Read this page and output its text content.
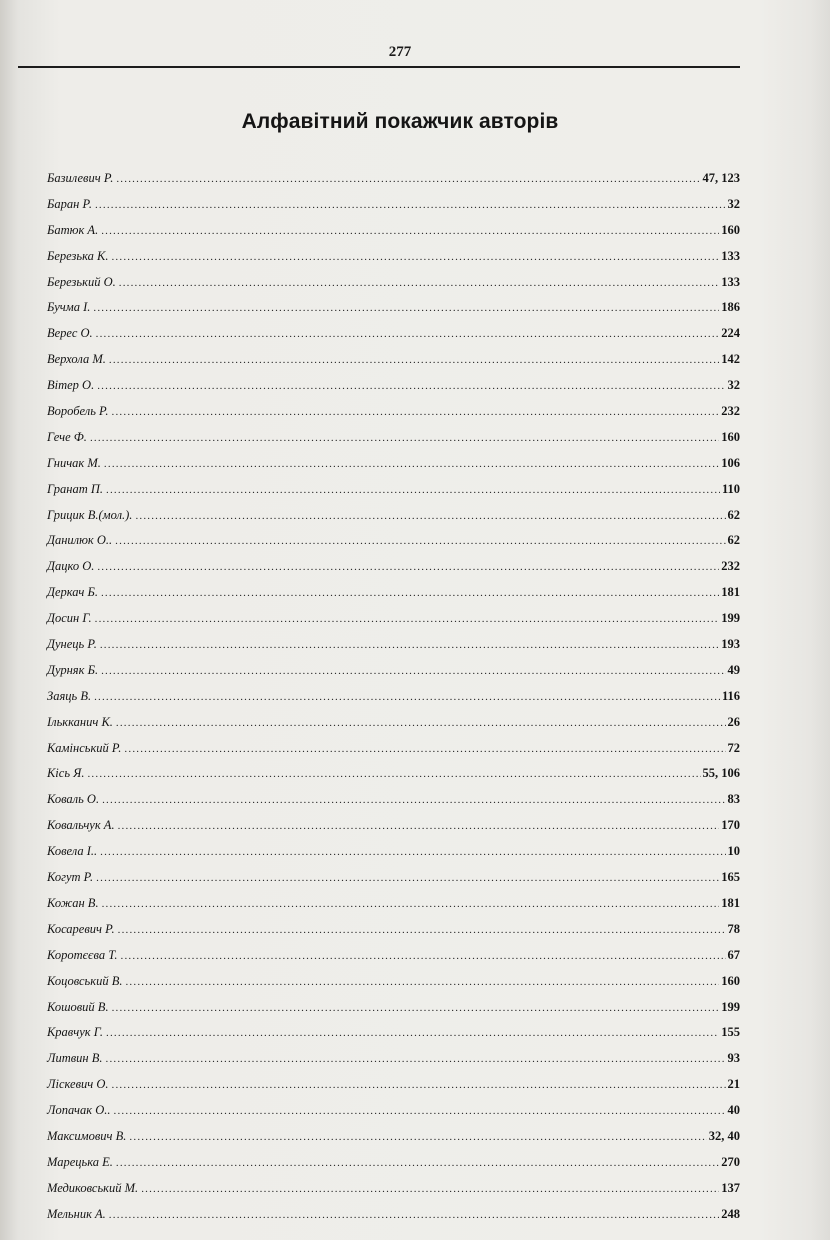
277
Алфавітний покажчик авторів
Базилевич Р. .....	47, 123
Баран Р. .....	32
Батюк А. .....	160
Березька К. .....	133
Березький О. .....	133
Бучма І. .....	186
Верес О. .....	224
Верхола М. .....	142
Вітер О. .....	32
Воробель Р. .....	232
Гече Ф. .....	160
Гничак М. .....	106
Гранат П. .....	110
Грицик В.(мол.). .....	62
Данилюк О.. .....	62
Дацко О. .....	232
Деркач Б. .....	181
Досин Г. .....	199
Дунець Р. .....	193
Дурняк Б. .....	49
Заяць В. .....	116
Ількканич К. .....	26
Камінський Р. .....	72
Кісь Я. .....	55, 106
Коваль О. .....	83
Ковальчук А. .....	170
Ковела І.. .....	10
Когут Р. .....	165
Кожан В. .....	181
Косаревич Р. .....	78
Коротєєва Т. .....	67
Коцовський В. .....	160
Кошовий В. .....	199
Кравчук Г. .....	155
Литвин В. .....	93
Ліскевич О. .....	21
Лопачак О.. .....	40
Максимович В. .....	32, 40
Марецька Е. .....	270
Медиковський М. .....	137
Мельник А. .....	248
